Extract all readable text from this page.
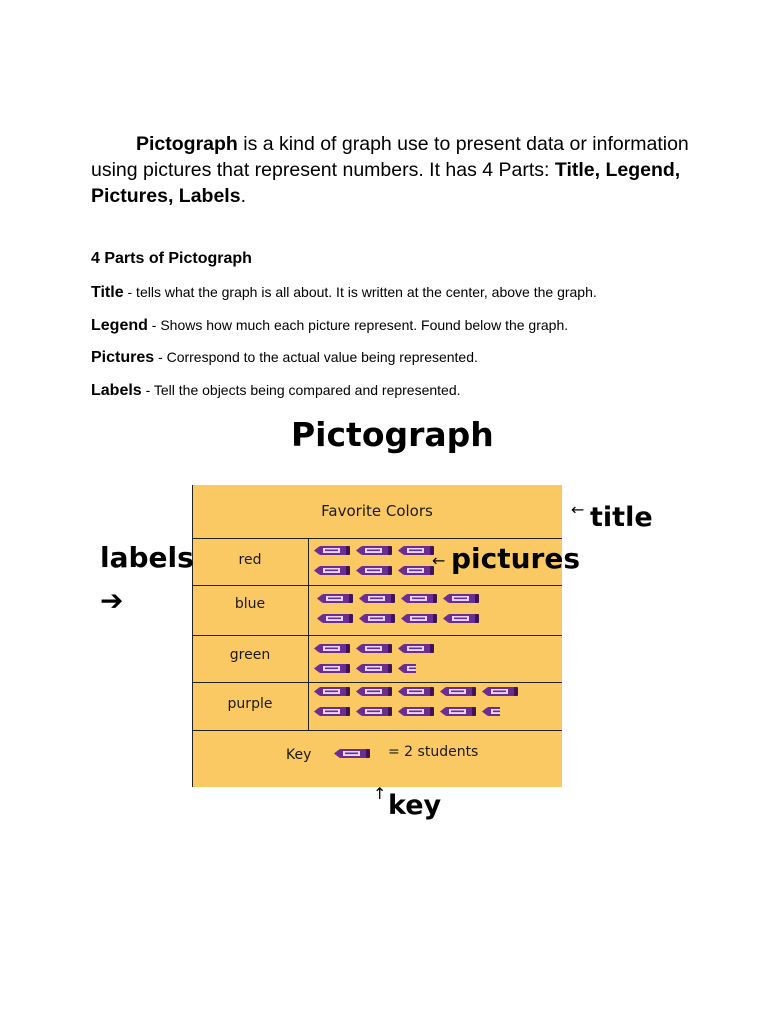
Pictograph is a kind of graph use to present data or information using pictures that represent numbers. It has 4 Parts: Title, Legend, Pictures, Labels.
4 Parts of Pictograph
Title - tells what the graph is all about. It is written at the center, above the graph.
Legend - Shows how much each picture represent. Found below the graph.
Pictures - Correspond to the actual value being represented.
Labels - Tell the objects being compared and represented.
Pictograph
Favorite Colors
red
blue
green
purple
Key	= 2 students
← title
labels
➔
← pictures
↑ key
